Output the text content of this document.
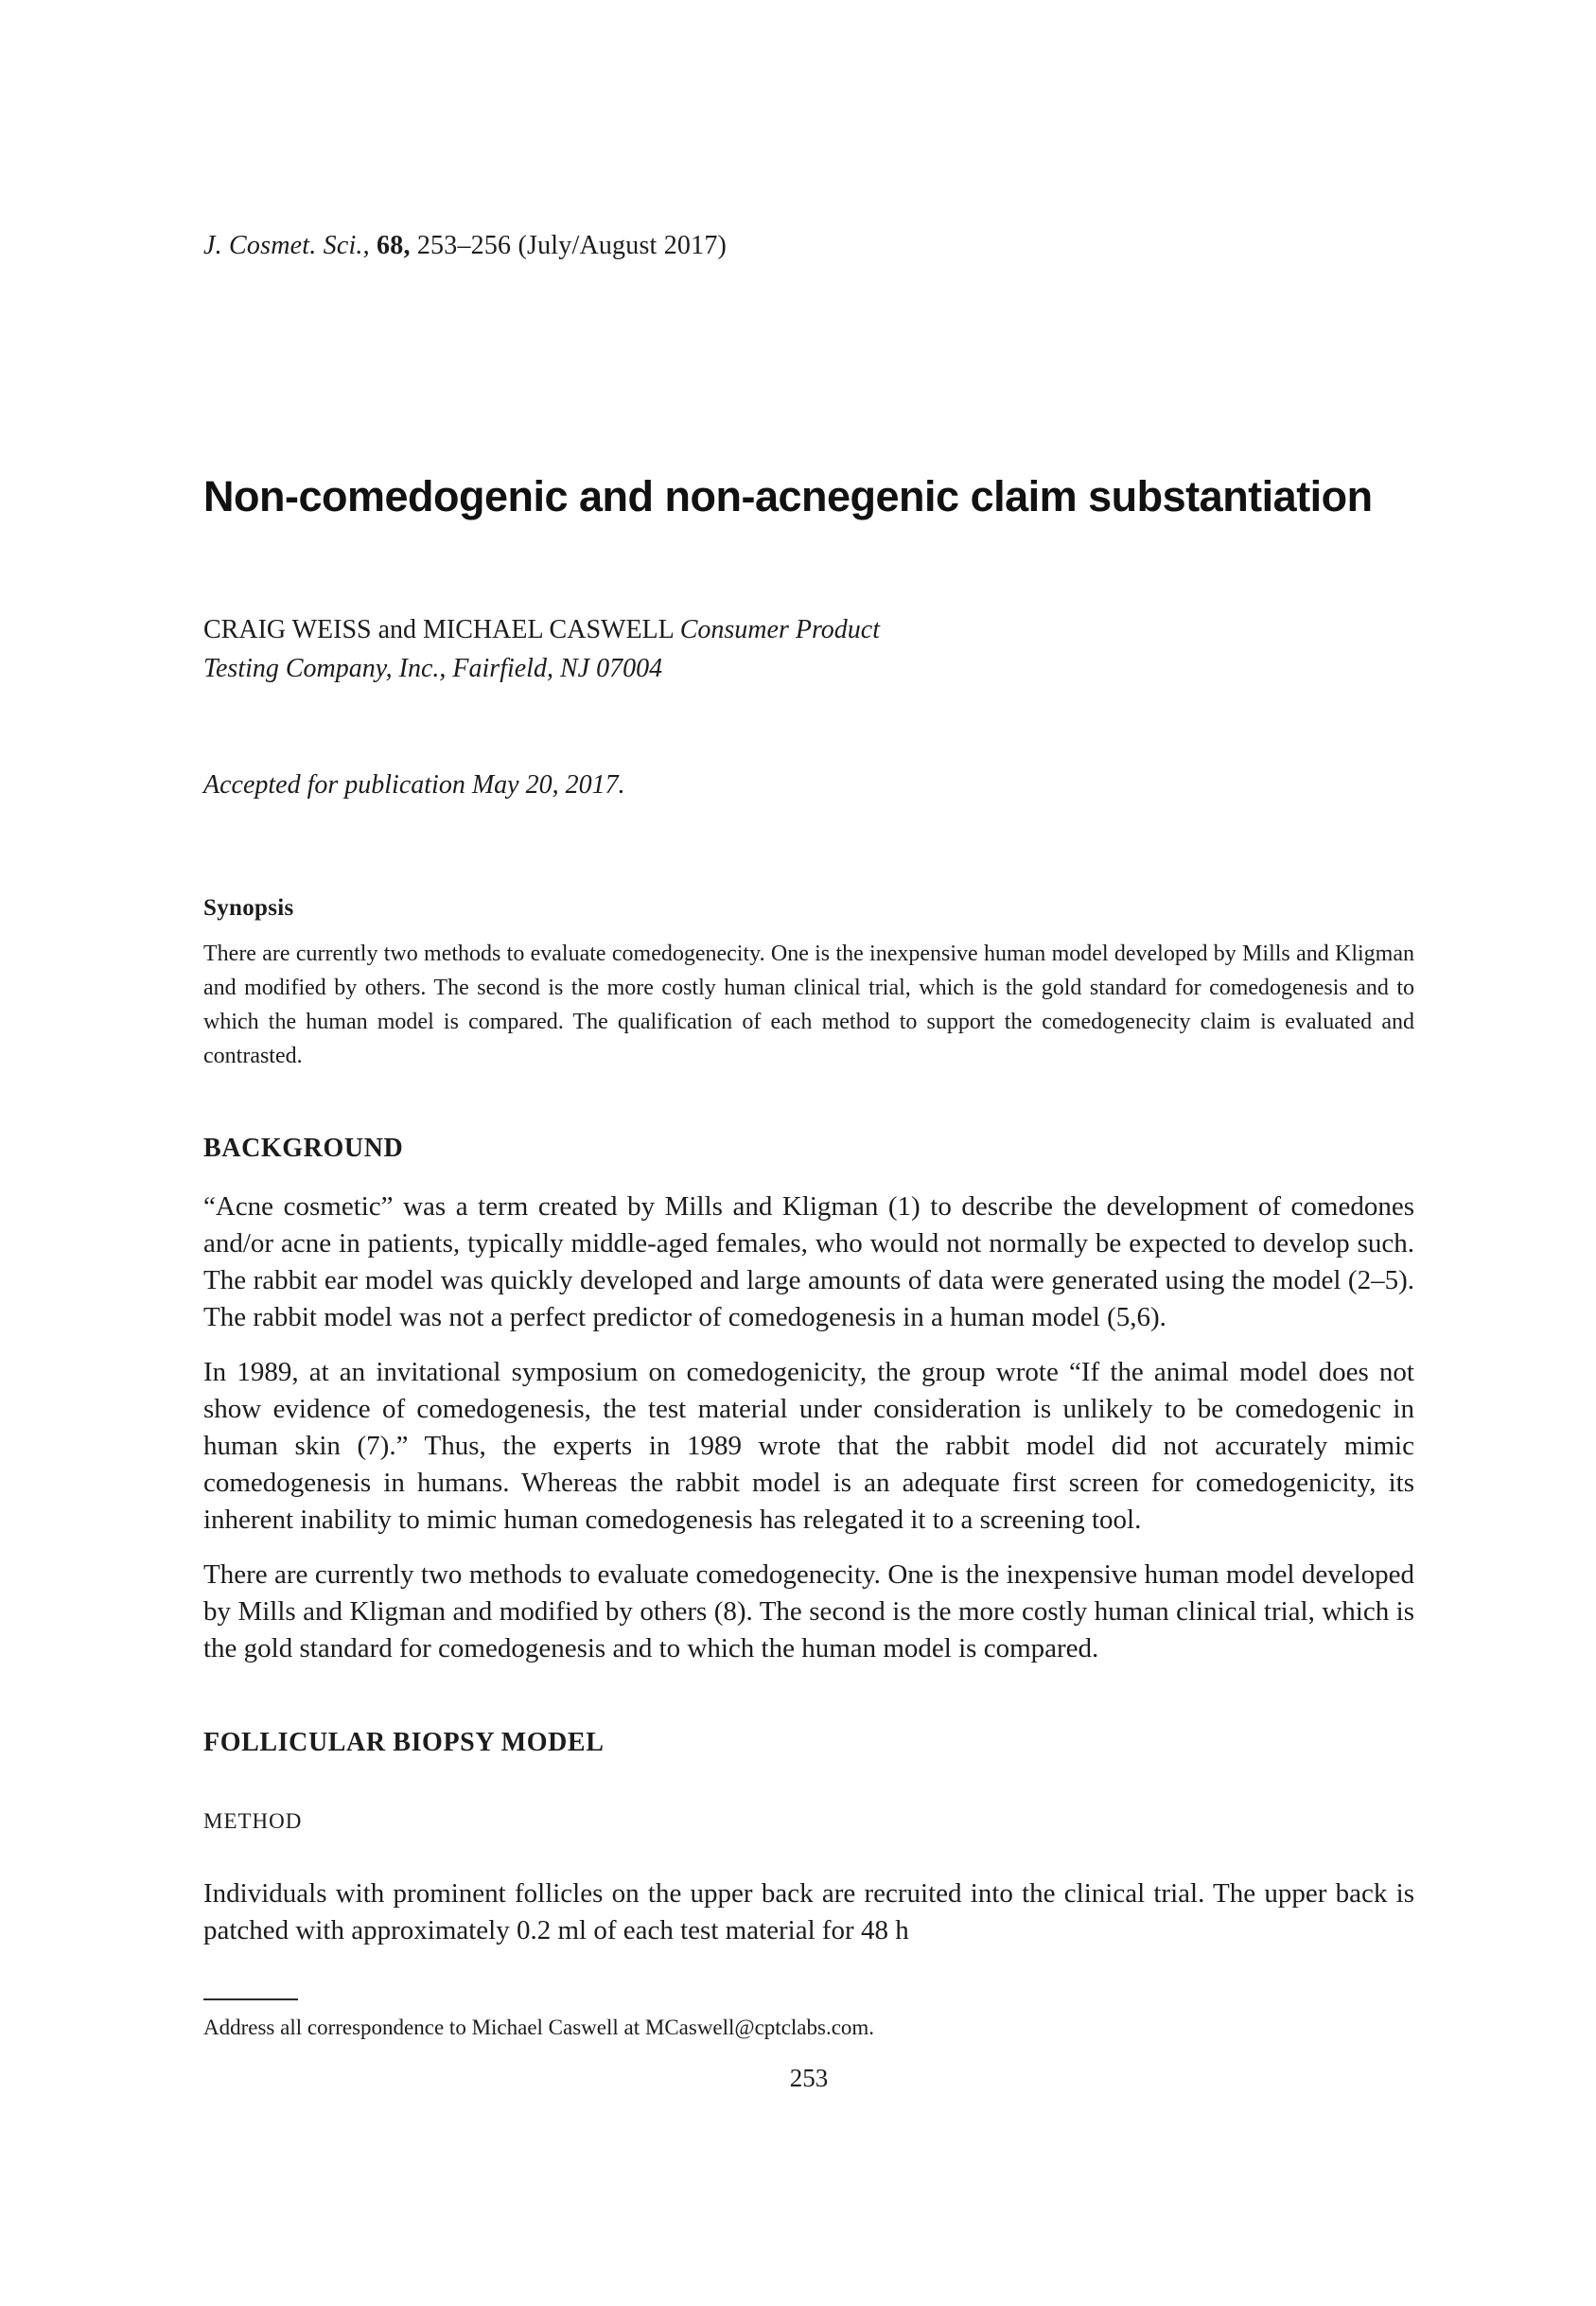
J. Cosmet. Sci., 68, 253–256 (July/August 2017)
Non-comedogenic and non-acnegenic claim substantiation
CRAIG WEISS and MICHAEL CASWELL Consumer Product
Testing Company, Inc., Fairfield, NJ 07004
Accepted for publication May 20, 2017.
Synopsis

There are currently two methods to evaluate comedogenecity. One is the inexpensive human model developed by Mills and Kligman and modified by others. The second is the more costly human clinical trial, which is the gold standard for comedogenesis and to which the human model is compared. The qualification of each method to support the comedogenecity claim is evaluated and contrasted.

BACKGROUND

“Acne cosmetic” was a term created by Mills and Kligman (1) to describe the development of comedones and/or acne in patients, typically middle-aged females, who would not normally be expected to develop such. The rabbit ear model was quickly developed and large amounts of data were generated using the model (2–5). The rabbit model was not a perfect predictor of comedogenesis in a human model (5,6).

In 1989, at an invitational symposium on comedogenicity, the group wrote “If the animal model does not show evidence of comedogenesis, the test material under consideration is unlikely to be comedogenic in human skin (7).” Thus, the experts in 1989 wrote that the rabbit model did not accurately mimic comedogenesis in humans. Whereas the rabbit model is an adequate first screen for comedogenicity, its inherent inability to mimic human comedogenesis has relegated it to a screening tool.

There are currently two methods to evaluate comedogenecity. One is the inexpensive human model developed by Mills and Kligman and modified by others (8). The second is the more costly human clinical trial, which is the gold standard for comedogenesis and to which the human model is compared.

FOLLICULAR BIOPSY MODEL
METHOD

Individuals with prominent follicles on the upper back are recruited into the clinical trial. The upper back is patched with approximately 0.2 ml of each test material for 48 h

Address all correspondence to Michael Caswell at MCaswell@cptclabs.com.
253
